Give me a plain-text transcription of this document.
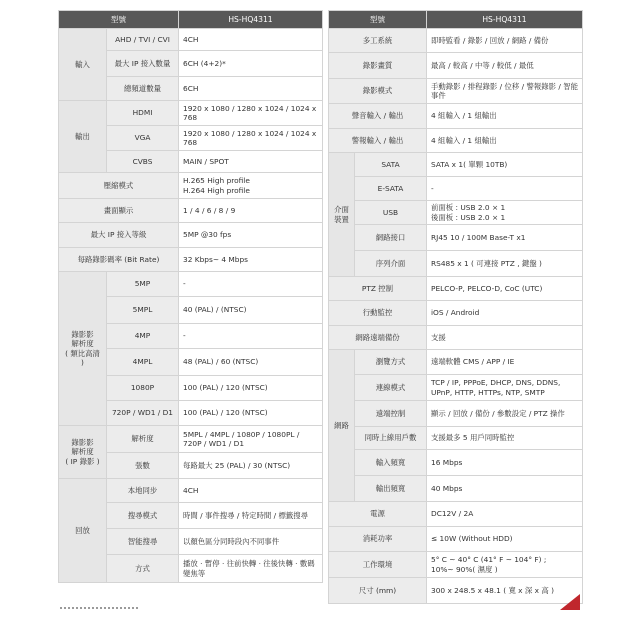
型號		HS-HQ4311
輸入	AHD / TVI / CVI	4CH
	最大 IP 接入數量	6CH (4+2)*
	總頻道數量	6CH
輸出	HDMI	1920 x 1080 / 1280 x 1024 / 1024 x 768
	VGA	1920 x 1080 / 1280 x 1024 / 1024 x 768
	CVBS	MAIN / SPOT
壓縮模式		H.265 High profile
H.264 High profile
畫面顯示		1 / 4 / 6 / 8 / 9
最大 IP 接入等級		5MP @30 fps
每路錄影碼率 (Bit Rate)		32 Kbps~ 4 Mbps
錄影影
解析度
( 類比高清 )	5MP	-
	5MPL	40 (PAL) / (NTSC)
	4MP	-
	4MPL	48 (PAL) / 60 (NTSC)
	1080P	100 (PAL) / 120 (NTSC)
	720P / WD1 / D1	100 (PAL) / 120 (NTSC)
錄影影
解析度
( IP 錄影 )	解析度	5MPL / 4MPL / 1080P / 1080PL / 720P / WD1 / D1
	張數	每路最大 25 (PAL) / 30 (NTSC)
回放	本地同步	4CH
	搜尋模式	時間 / 事件搜尋 / 特定時間 / 標籤搜尋
	智能搜尋	以顏色區分同時段內不同事件
	方式	播放 · 暫停 · 往前快轉 · 往後快轉 · 數碼變焦等
型號		HS-HQ4311
多工系統		即時監看 / 錄影 / 回放 / 網路 / 備份
錄影畫質		最高 / 較高 / 中等 / 較低 / 最低
錄影模式		手動錄影 / 排程錄影 / 位移 / 警報錄影 / 智能事件
聲音輸入 / 輸出		4 組輸入 / 1 組輸出
警報輸入 / 輸出		4 組輸入 / 1 組輸出
介面
裝置	SATA	SATA x 1( 單顆 10TB)
	E-SATA	-
	USB	前面板 : USB 2.0 × 1
後面板 : USB 2.0 × 1
	網路接口	RJ45 10 / 100M Base-T x1
	序列介面	RS485 x 1 ( 可連接 PTZ , 鍵盤 )
PTZ 控制		PELCO-P, PELCO-D, CoC (UTC)
行動監控		iOS / Android
網路遠端備份		支援
網路	瀏覽方式	遠端軟體 CMS / APP / IE
	連線模式	TCP / IP, PPPoE, DHCP, DNS, DDNS, UPnP, HTTP, HTTPs, NTP, SMTP
	遠端控制	顯示 / 回放 / 備份 / 參數設定 / PTZ 操作
	同時上線用戶數	支援最多 5 用戶同時監控
	輸入頻寬	16 Mbps
	輸出頻寬	40 Mbps
電源		DC12V / 2A
消耗功率		≤ 10W (Without HDD)
工作環境		5° C ~ 40° C (41° F ~ 104° F) ;
10%~ 90%( 濕度 )
尺寸 (mm)		300 x 248.5 x 48.1 ( 寬 x 深 x 高 )
